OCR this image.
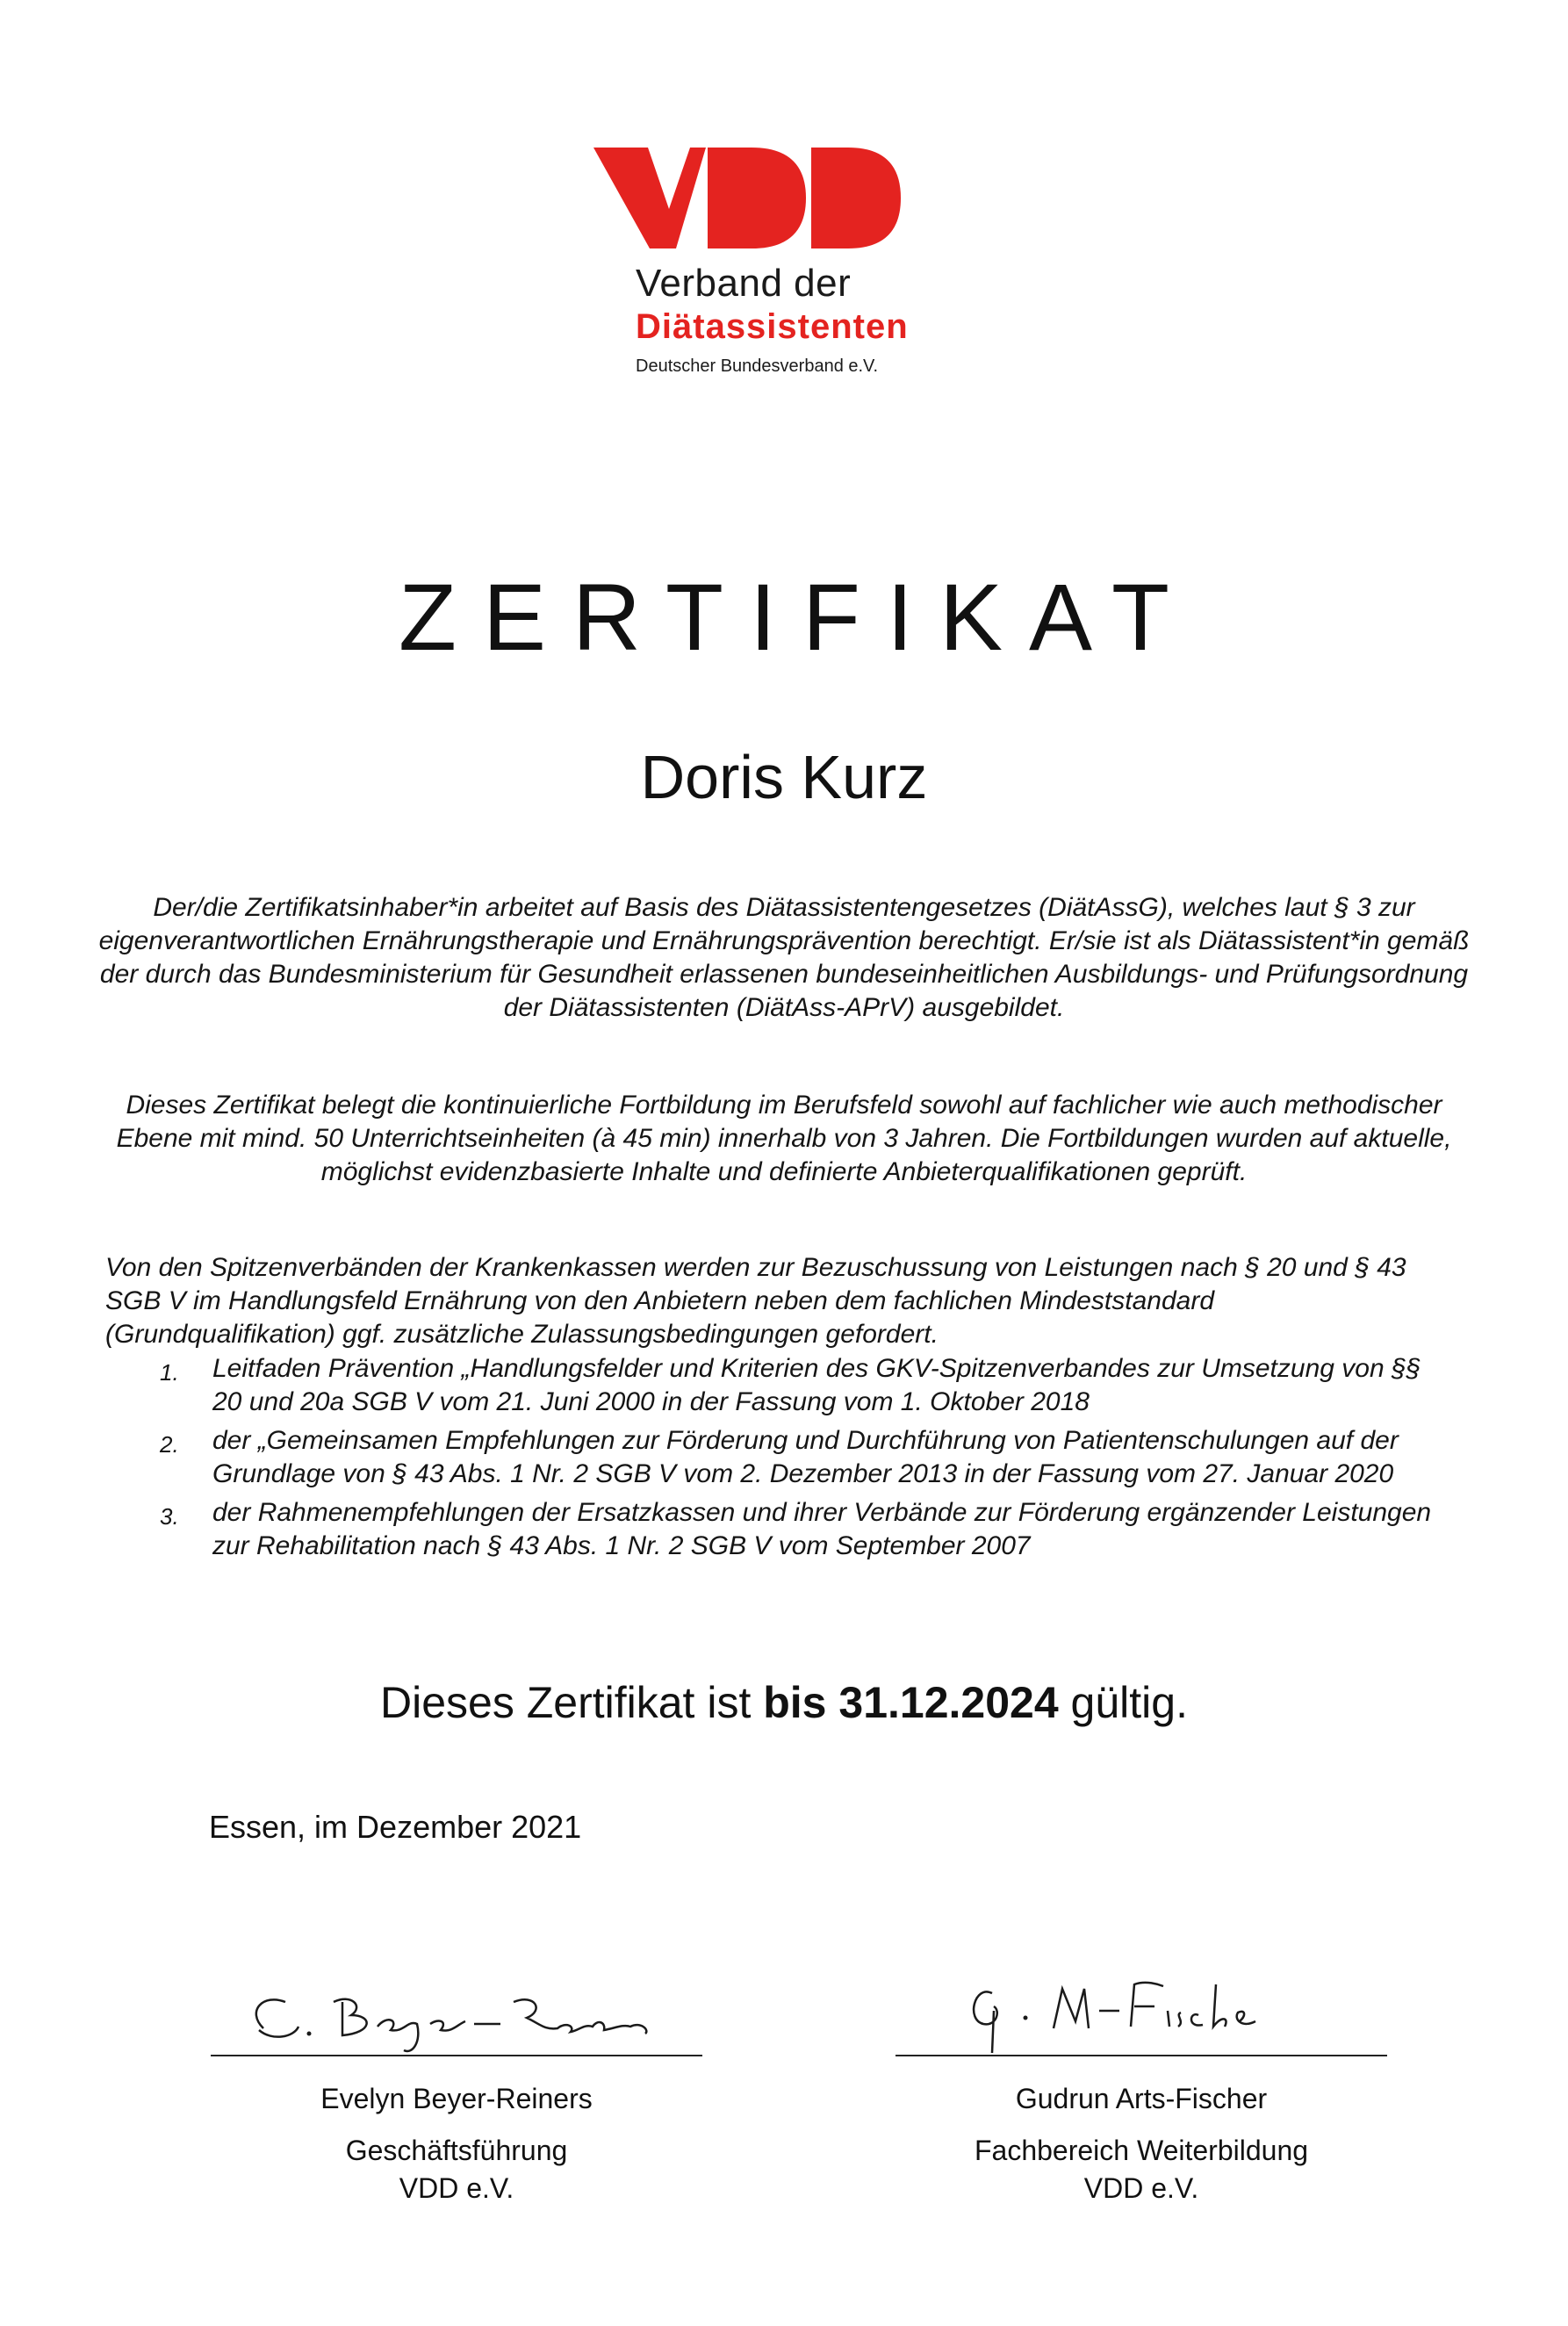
Verband der
Diätassistenten
Deutscher Bundesverband e.V.
ZERTIFIKAT
Doris Kurz
Der/die Zertifikatsinhaber*in arbeitet auf Basis des Diätassistentengesetzes (DiätAssG), welches laut § 3 zur eigenverantwortlichen Ernährungstherapie und Ernährungsprävention berechtigt. Er/sie ist als Diätassistent*in gemäß der durch das Bundesministerium für Gesundheit erlassenen bundeseinheitlichen Ausbildungs- und Prüfungsordnung der Diätassistenten (DiätAss-APrV) ausgebildet.
Dieses Zertifikat belegt die kontinuierliche Fortbildung im Berufsfeld sowohl auf fachlicher wie auch methodischer Ebene mit mind. 50 Unterrichtseinheiten (à 45 min) innerhalb von 3 Jahren. Die Fortbildungen wurden auf aktuelle, möglichst evidenzbasierte Inhalte und definierte Anbieterqualifikationen geprüft.
Von den Spitzenverbänden der Krankenkassen werden zur Bezuschussung von Leistungen nach § 20 und § 43 SGB V im Handlungsfeld Ernährung von den Anbietern neben dem fachlichen Mindeststandard (Grundqualifikation) ggf. zusätzliche Zulassungsbedingungen gefordert.
1. Leitfaden Prävention „Handlungsfelder und Kriterien des GKV-Spitzenverbandes zur Umsetzung von §§ 20 und 20a SGB V vom 21. Juni 2000 in der Fassung vom 1. Oktober 2018
2. der „Gemeinsamen Empfehlungen zur Förderung und Durchführung von Patientenschulungen auf der Grundlage von § 43 Abs. 1 Nr. 2 SGB V vom 2. Dezember 2013 in der Fassung vom 27. Januar 2020
3. der Rahmenempfehlungen der Ersatzkassen und ihrer Verbände zur Förderung ergänzender Leistungen zur Rehabilitation nach § 43 Abs. 1 Nr. 2 SGB V vom September 2007
Dieses Zertifikat ist bis 31.12.2024 gültig.
Essen, im Dezember 2021
Evelyn Beyer-Reiners
Geschäftsführung
VDD e.V.
Gudrun Arts-Fischer
Fachbereich Weiterbildung
VDD e.V.
